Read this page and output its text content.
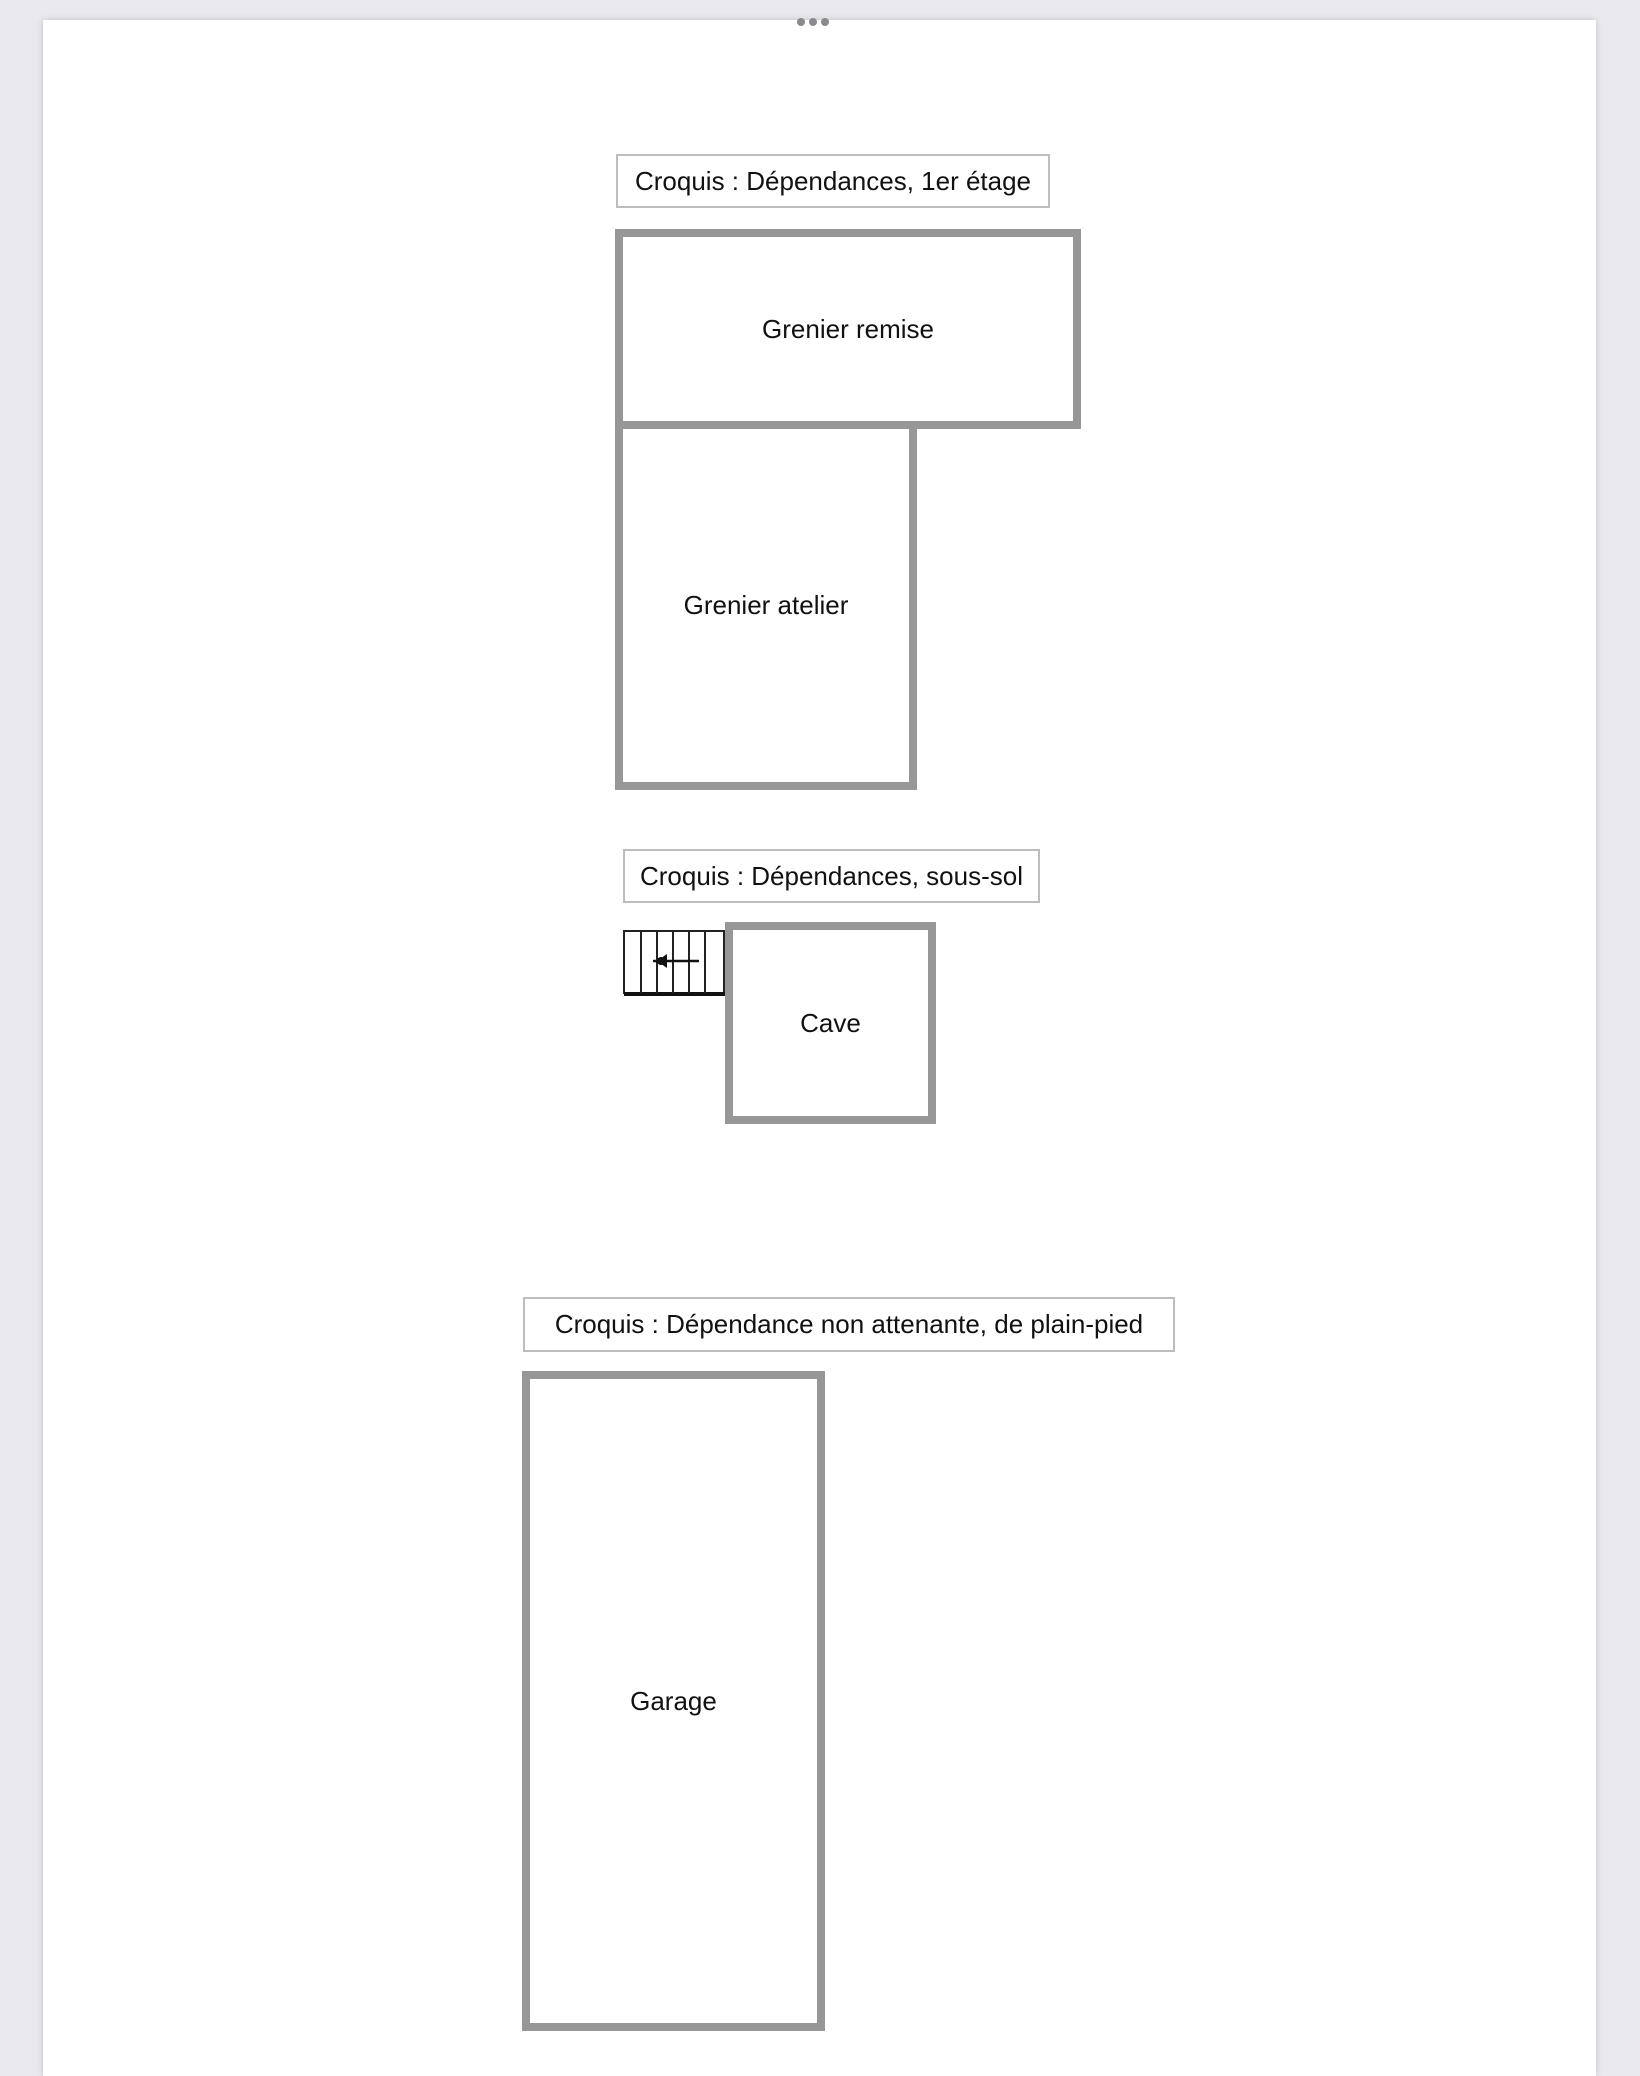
Croquis : Dépendances, 1er étage
Grenier remise
Grenier atelier
Croquis : Dépendances, sous-sol
Cave
Croquis : Dépendance non attenante, de plain-pied
Garage
